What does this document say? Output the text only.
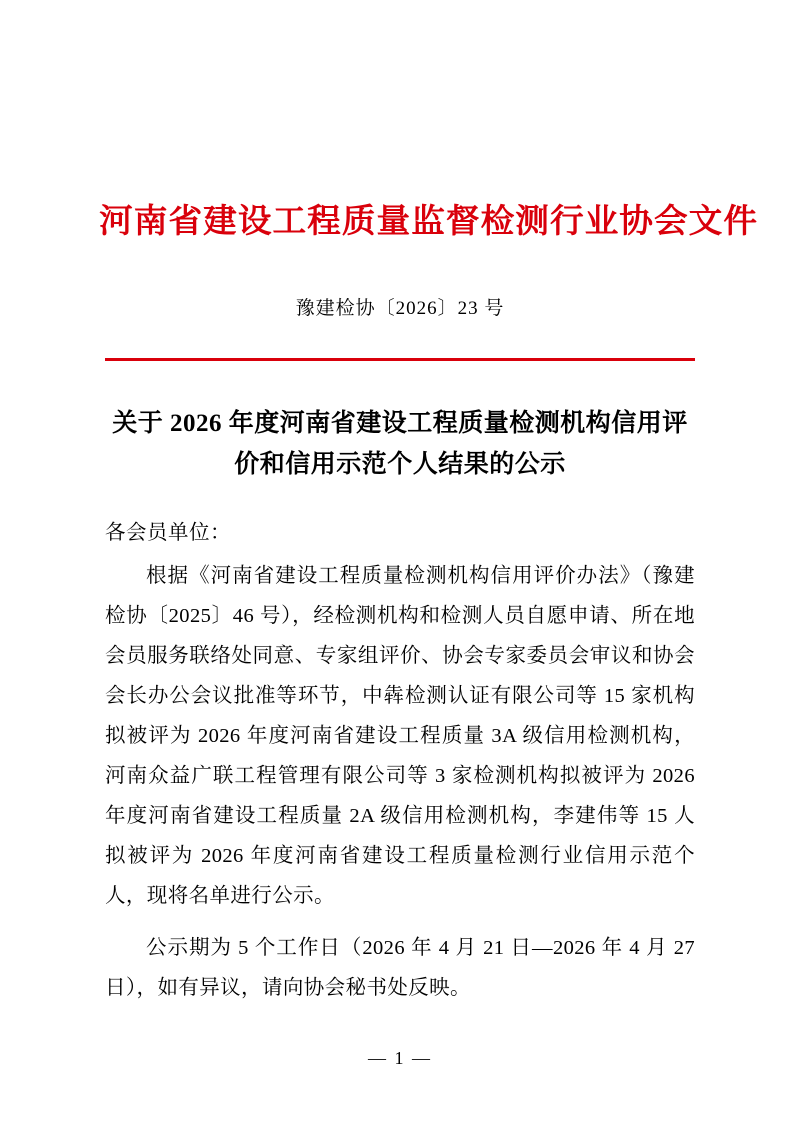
河南省建设工程质量监督检测行业协会文件
豫建检协〔2026〕23 号
关于 2026 年度河南省建设工程质量检测机构信用评价和信用示范个人结果的公示
各会员单位：
根据《河南省建设工程质量检测机构信用评价办法》（豫建检协〔2025〕46 号），经检测机构和检测人员自愿申请、所在地会员服务联络处同意、专家组评价、协会专家委员会审议和协会会长办公会议批准等环节，中犇检测认证有限公司等 15 家机构拟被评为 2026 年度河南省建设工程质量 3A 级信用检测机构，河南众益广联工程管理有限公司等 3 家检测机构拟被评为 2026 年度河南省建设工程质量 2A 级信用检测机构，李建伟等 15 人拟被评为 2026 年度河南省建设工程质量检测行业信用示范个人，现将名单进行公示。
公示期为 5 个工作日（2026 年 4 月 21 日—2026 年 4 月 27 日），如有异议，请向协会秘书处反映。
— 1 —
